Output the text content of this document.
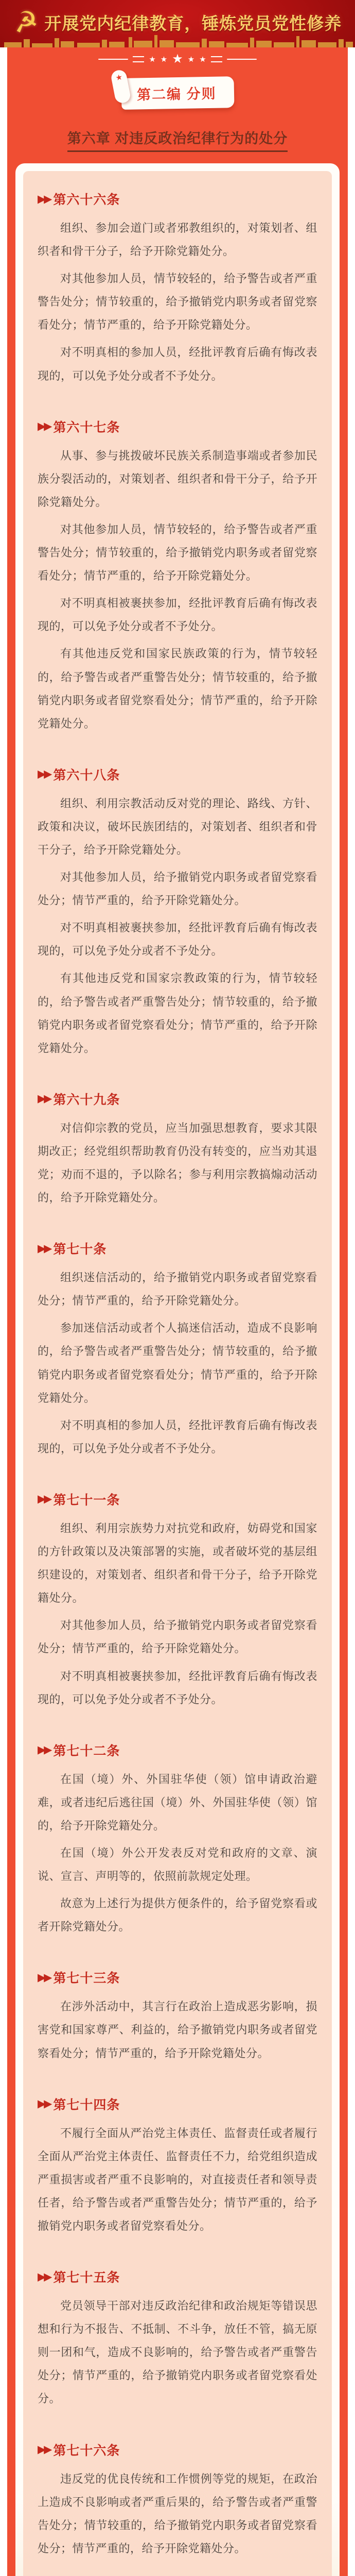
☭ 开展党内纪律教育，锤炼党员党性修养
★ ★ ★ ★ ★
★
第二编 分则
第六章 对违反政治纪律行为的处分
▶▶ 第六十六条

组织、参加会道门或者邪教组织的，对策划者、组织者和骨干分子，给予开除党籍处分。

对其他参加人员，情节较轻的，给予警告或者严重警告处分；情节较重的，给予撤销党内职务或者留党察看处分；情节严重的，给予开除党籍处分。

对不明真相的参加人员，经批评教育后确有悔改表现的，可以免予处分或者不予处分。

▶▶ 第六十七条

从事、参与挑拨破坏民族关系制造事端或者参加民族分裂活动的，对策划者、组织者和骨干分子，给予开除党籍处分。

对其他参加人员，情节较轻的，给予警告或者严重警告处分；情节较重的，给予撤销党内职务或者留党察看处分；情节严重的，给予开除党籍处分。

对不明真相被裹挟参加，经批评教育后确有悔改表现的，可以免予处分或者不予处分。

有其他违反党和国家民族政策的行为，情节较轻的，给予警告或者严重警告处分；情节较重的，给予撤销党内职务或者留党察看处分；情节严重的，给予开除党籍处分。

▶▶ 第六十八条

组织、利用宗教活动反对党的理论、路线、方针、政策和决议，破坏民族团结的，对策划者、组织者和骨干分子，给予开除党籍处分。

对其他参加人员，给予撤销党内职务或者留党察看处分；情节严重的，给予开除党籍处分。

对不明真相被裹挟参加，经批评教育后确有悔改表现的，可以免予处分或者不予处分。

有其他违反党和国家宗教政策的行为，情节较轻的，给予警告或者严重警告处分；情节较重的，给予撤销党内职务或者留党察看处分；情节严重的，给予开除党籍处分。

▶▶ 第六十九条

对信仰宗教的党员，应当加强思想教育，要求其限期改正；经党组织帮助教育仍没有转变的，应当劝其退党；劝而不退的，予以除名；参与利用宗教搞煽动活动的，给予开除党籍处分。

▶▶ 第七十条

组织迷信活动的，给予撤销党内职务或者留党察看处分；情节严重的，给予开除党籍处分。

参加迷信活动或者个人搞迷信活动，造成不良影响的，给予警告或者严重警告处分；情节较重的，给予撤销党内职务或者留党察看处分；情节严重的，给予开除党籍处分。

对不明真相的参加人员，经批评教育后确有悔改表现的，可以免予处分或者不予处分。

▶▶ 第七十一条

组织、利用宗族势力对抗党和政府，妨碍党和国家的方针政策以及决策部署的实施，或者破坏党的基层组织建设的，对策划者、组织者和骨干分子，给予开除党籍处分。

对其他参加人员，给予撤销党内职务或者留党察看处分；情节严重的，给予开除党籍处分。

对不明真相被裹挟参加，经批评教育后确有悔改表现的，可以免予处分或者不予处分。

▶▶ 第七十二条

在国（境）外、外国驻华使（领）馆申请政治避难，或者违纪后逃往国（境）外、外国驻华使（领）馆的，给予开除党籍处分。

在国（境）外公开发表反对党和政府的文章、演说、宣言、声明等的，依照前款规定处理。

故意为上述行为提供方便条件的，给予留党察看或者开除党籍处分。

▶▶ 第七十三条

在涉外活动中，其言行在政治上造成恶劣影响，损害党和国家尊严、利益的，给予撤销党内职务或者留党察看处分；情节严重的，给予开除党籍处分。

▶▶ 第七十四条

不履行全面从严治党主体责任、监督责任或者履行全面从严治党主体责任、监督责任不力，给党组织造成严重损害或者严重不良影响的，对直接责任者和领导责任者，给予警告或者严重警告处分；情节严重的，给予撤销党内职务或者留党察看处分。

▶▶ 第七十五条

党员领导干部对违反政治纪律和政治规矩等错误思想和行为不报告、不抵制、不斗争，放任不管，搞无原则一团和气，造成不良影响的，给予警告或者严重警告处分；情节严重的，给予撤销党内职务或者留党察看处分。

▶▶ 第七十六条

违反党的优良传统和工作惯例等党的规矩，在政治上造成不良影响或者严重后果的，给予警告或者严重警告处分；情节较重的，给予撤销党内职务或者留党察看处分；情节严重的，给予开除党籍处分。
